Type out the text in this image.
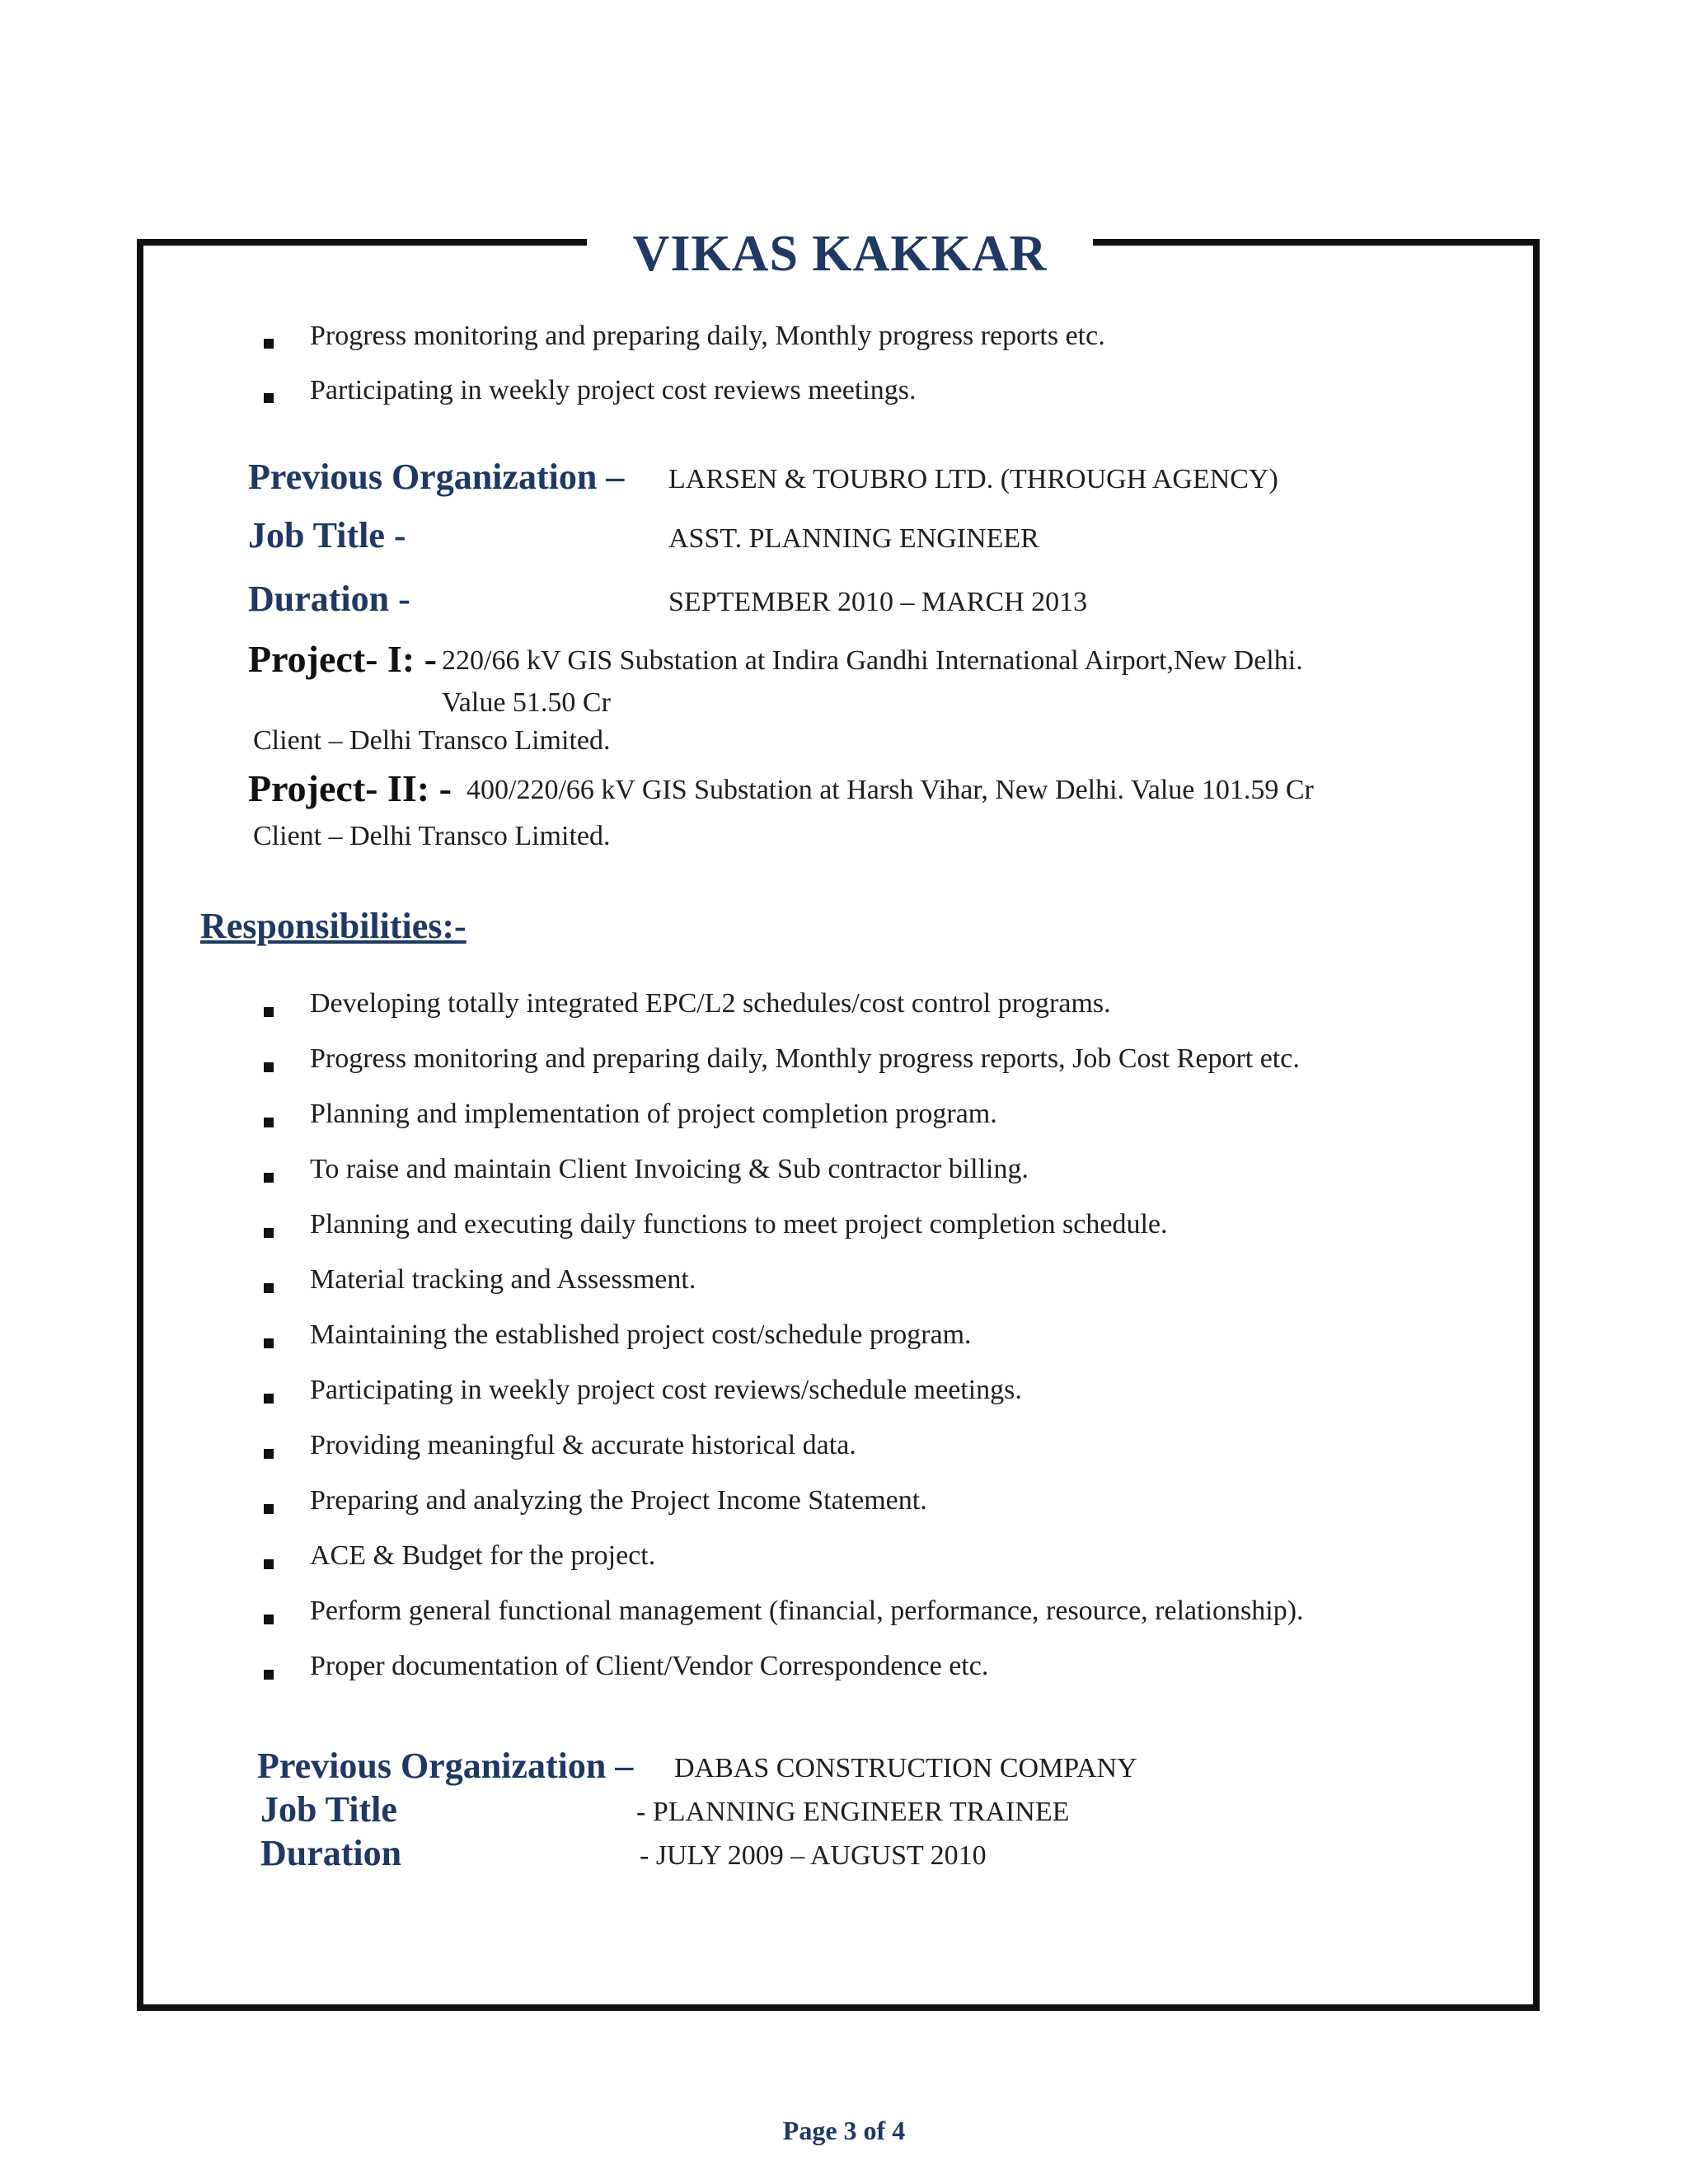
VIKAS KAKKAR
Progress monitoring and preparing daily, Monthly progress reports etc.
Participating in weekly project cost reviews meetings.
Previous Organization – LARSEN & TOUBRO LTD. (THROUGH AGENCY)
Job Title -	ASST. PLANNING ENGINEER
Duration -	SEPTEMBER 2010 – MARCH 2013
Project- I: - 220/66 kV GIS Substation at Indira Gandhi International Airport,New Delhi.
Value 51.50 Cr
Client – Delhi Transco Limited.
Project- II: - 400/220/66 kV GIS Substation at Harsh Vihar, New Delhi. Value 101.59 Cr
Client – Delhi Transco Limited.
Responsibilities:-
Developing totally integrated EPC/L2 schedules/cost control programs.
Progress monitoring and preparing daily, Monthly progress reports, Job Cost Report etc.
Planning and implementation of project completion program.
To raise and maintain Client Invoicing & Sub contractor billing.
Planning and executing daily functions to meet project completion schedule.
Material tracking and Assessment.
Maintaining the established project cost/schedule program.
Participating in weekly project cost reviews/schedule meetings.
Providing meaningful & accurate historical data.
Preparing and analyzing the Project Income Statement.
ACE & Budget for the project.
Perform general functional management (financial, performance, resource, relationship).
Proper documentation of Client/Vendor Correspondence etc.
Previous Organization – DABAS CONSTRUCTION COMPANY
Job Title	- PLANNING ENGINEER TRAINEE
Duration	- JULY 2009 – AUGUST 2010
Page 3 of 4
